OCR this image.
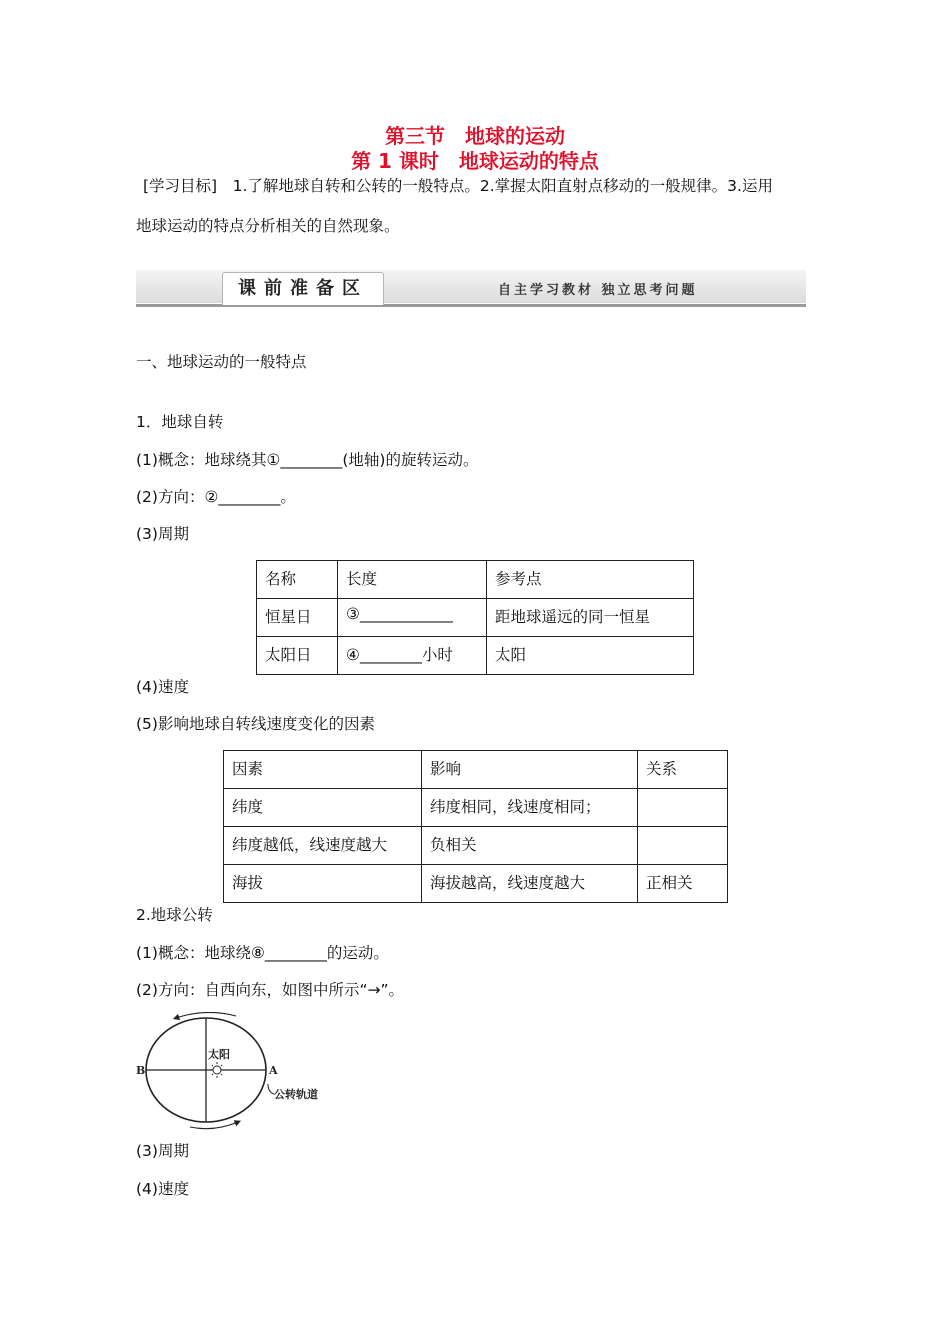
第三节　地球的运动
第 1 课时　地球运动的特点
[学习目标]　1.了解地球自转和公转的一般特点。2.掌握太阳直射点移动的一般规律。3.运用
地球运动的特点分析相关的自然现象。
课前准备区	自主学习教材 独立思考问题
一、地球运动的一般特点
1．地球自转
(1)概念：地球绕其①________(地轴)的旋转运动。
(2)方向：②________。
(3)周期
名称	长度	参考点
恒星日	③____________	距地球遥远的同一恒星
太阳日	④________小时	太阳
(4)速度
(5)影响地球自转线速度变化的因素
因素	影响	关系
纬度	纬度相同，线速度相同；	
纬度越低，线速度越大	负相关	
海拔	海拔越高，线速度越大	正相关
2.地球公转
(1)概念：地球绕⑧________的运动。
(2)方向：自西向东，如图中所示“→”。
太阳
B	A
公转轨道
(3)周期
(4)速度
